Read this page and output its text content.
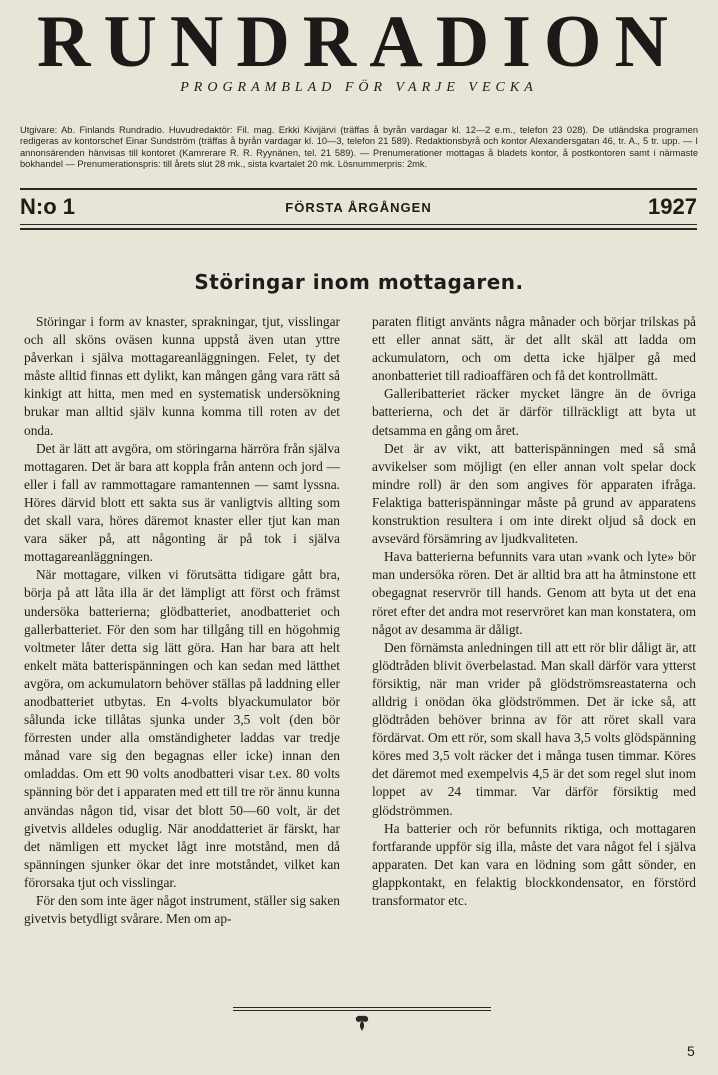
RUNDRADION
PROGRAMBLAD FÖR VARJE VECKA
Utgivare: Ab. Finlands Rundradio. Huvudredaktör: Fil. mag. Erkki Kivijärvi (träffas å byrån vardagar kl. 12—2 e.m., telefon 23 028). De utländska programen redigeras av kontorschef Einar Sundström (träffas å byrån vardagar kl. 10—3, telefon 21 589). Redaktionsbyrå och kontor Alexandersgatan 46, tr. A., 5 tr. upp. — I annonsärenden hänvisas till kontoret (Kamrerare R. R. Ryynänen, tel. 21 589). — Prenumerationer mottagas å bladets kontor, å postkontoren samt i närmaste bokhandel — Prenumerationspris: till årets slut 28 mk., sista kvartalet 20 mk. Lösnummerpris: 2mk.
N:o 1	FÖRSTA ÅRGÅNGEN	1927
Störingar inom mottagaren.

Störingar i form av knaster, sprakningar, tjut, visslingar och all sköns oväsen kunna uppstå även utan yttre påverkan i själva mottagareanläggningen. Felet, ty det måste alltid finnas ett dylikt, kan mången gång vara rätt så kinkigt att hitta, men med en systematisk undersökning brukar man alltid själv kunna komma till roten av det onda.

Det är lätt att avgöra, om störingarna härröra från själva mottagaren. Det är bara att koppla från antenn och jord — eller i fall av rammottagare ramantennen — samt lyssna. Höres därvid blott ett sakta sus är vanligtvis allting som det skall vara, höres däremot knaster eller tjut kan man vara säker på, att någonting är på tok i själva mottagareanläggningen.

När mottagare, vilken vi förutsätta tidigare gått bra, börja på att låta illa är det lämpligt att först och främst undersöka batterierna; glödbatteriet, anodbatteriet och gallerbatteriet. För den som har tillgång till en högohmig voltmeter låter detta sig lätt göra. Han har bara att helt enkelt mäta batterispänningen och kan sedan med lätthet avgöra, om ackumulatorn behöver ställas på laddning eller anodbatteriet utbytas. En 4-volts blyackumulator bör sålunda icke tillåtas sjunka under 3,5 volt (den bör förresten under alla omständigheter laddas var tredje månad vare sig den begagnas eller icke) innan den omladdas. Om ett 90 volts anodbatteri visar t.ex. 80 volts spänning bör det i apparaten med ett till tre rör ännu kunna användas någon tid, visar det blott 50—60 volt, är det givetvis alldeles oduglig. När anoddatteriet är färskt, har det nämligen ett mycket lågt inre motstånd, men då spänningen sjunker ökar det inre motståndet, vilket kan förorsaka tjut och visslingar.

För den som inte äger något instrument, ställer sig saken givetvis betydligt svårare. Men om ap-

paraten flitigt använts några månader och börjar trilskas på ett eller annat sätt, är det allt skäl att ladda om ackumulatorn, och om detta icke hjälper gå med anonbatteriet till radioaffären och få det kontrollmätt.

Galleribatteriet räcker mycket längre än de övriga batterierna, och det är därför tillräckligt att byta ut detsamma en gång om året.

Det är av vikt, att batterispänningen med så små avvikelser som möjligt (en eller annan volt spelar dock mindre roll) är den som angives för apparaten ifråga. Felaktiga batterispänningar måste på grund av apparatens konstruktion resultera i om inte direkt oljud så dock en avsevärd försämring av ljudkvaliteten.

Hava batterierna befunnits vara utan »vank och lyte» bör man undersöka rören. Det är alltid bra att ha åtminstone ett obegagnat reservrör till hands. Genom att byta ut det ena röret efter det andra mot reservröret kan man konstatera, om något av desamma är dåligt.

Den förnämsta anledningen till att ett rör blir dåligt är, att glödtråden blivit överbelastad. Man skall därför vara ytterst försiktig, när man vrider på glödströmsreastaterna och alldrig i onödan öka glödströmmen. Det är icke så, att glödtråden behöver brinna av för att röret skall vara fördärvat. Om ett rör, som skall hava 3,5 volts glödspänning köres med 3,5 volt räcker det i många tusen timmar. Köres det däremot med exempelvis 4,5 är det som regel slut inom loppet av 24 timmar. Var därför försiktig med glödströmmen.

Ha batterier och rör befunnits riktiga, och mottagaren fortfarande uppför sig illa, måste det vara något fel i själva apparaten. Det kan vara en lödning som gått sönder, en glappkontakt, en felaktig blockkondensator, en förstörd transformator etc.

5
